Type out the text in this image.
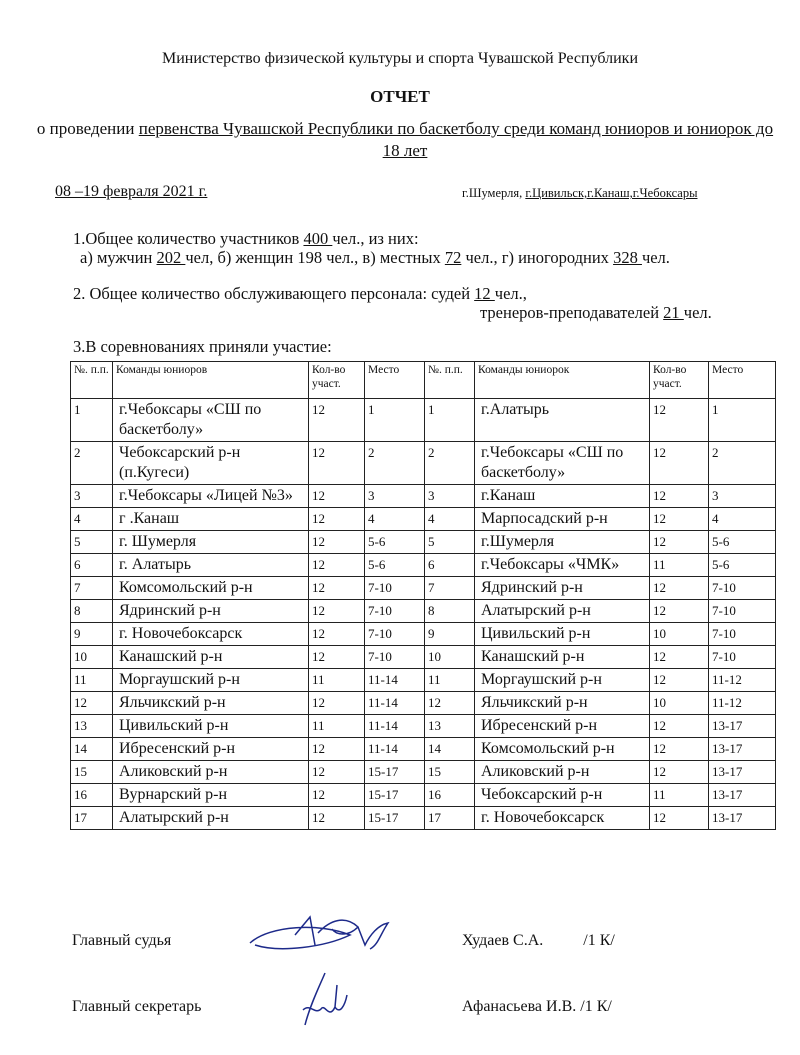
Министерство физической культуры и спорта Чувашской Республики
ОТЧЕТ
о проведении первенства Чувашской Республики по баскетболу среди команд юниоров и юниорок до 18 лет
08 –19 февраля 2021 г.	г.Шумерля, г.Цивильск,г.Канаш,г.Чебоксары
1.Общее количество участников 400 чел., из них:
а) мужчин 202 чел, б) женщин 198 чел., в) местных 72 чел., г) иногородних 328 чел.
2. Общее количество обслуживающего персонала: судей 12 чел.,
тренеров-преподавателей 21 чел.
3.В соревнованиях приняли участие:
№. п.п.	Команды юниоров	Кол-во участ.	Место	№. п.п.	Команды юниорок	Кол-во участ.	Место
1	г.Чебоксары «СШ по баскетболу»	12	1	1	г.Алатырь	12	1
2	Чебоксарский р-н (п.Кугеси)	12	2	2	г.Чебоксары «СШ по баскетболу»	12	2
3	г.Чебоксары «Лицей №3»	12	3	3	г.Канаш	12	3
4	г .Канаш	12	4	4	Марпосадский р-н	12	4
5	г. Шумерля	12	5-6	5	г.Шумерля	12	5-6
6	г. Алатырь	12	5-6	6	г.Чебоксары «ЧМК»	11	5-6
7	Комсомольский р-н	12	7-10	7	Ядринский р-н	12	7-10
8	Ядринский р-н	12	7-10	8	Алатырский р-н	12	7-10
9	г. Новочебоксарск	12	7-10	9	Цивильский р-н	10	7-10
10	Канашский р-н	12	7-10	10	Канашский р-н	12	7-10
11	Моргаушский р-н	11	11-14	11	Моргаушский р-н	12	11-12
12	Яльчикский р-н	12	11-14	12	Яльчикский р-н	10	11-12
13	Цивильский р-н	11	11-14	13	Ибресенский р-н	12	13-17
14	Ибресенский р-н	12	11-14	14	Комсомольский р-н	12	13-17
15	Аликовский р-н	12	15-17	15	Аликовский р-н	12	13-17
16	Вурнарский р-н	12	15-17	16	Чебоксарский р-н	11	13-17
17	Алатырский р-н	12	15-17	17	г. Новочебоксарск	12	13-17
Главный судья	Худаев С.А.          /1 К/
Главный секретарь	Афанасьева И.В. /1 К/
